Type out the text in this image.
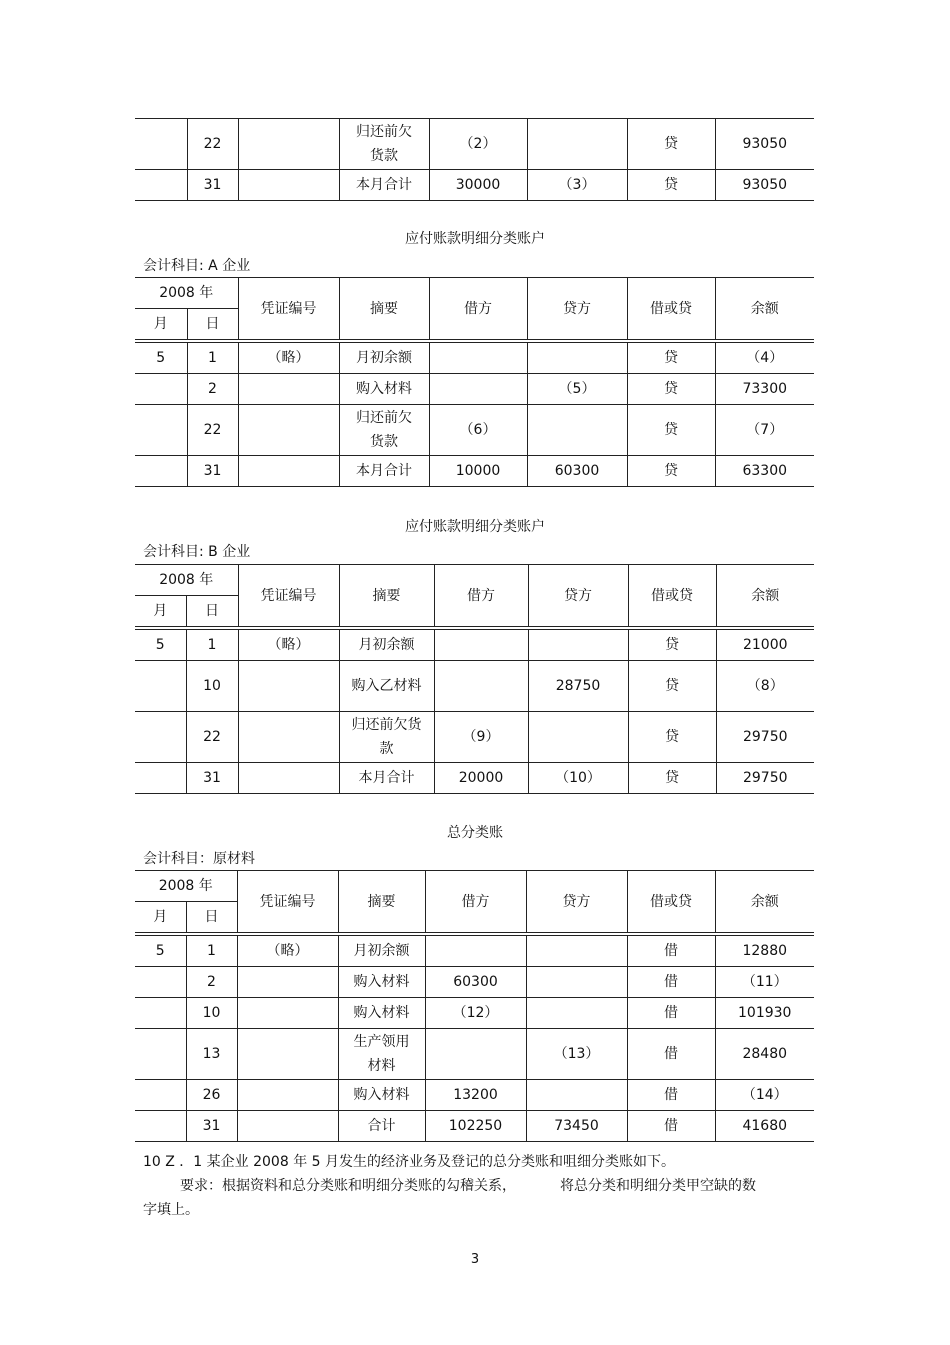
	22		归还前欠货款	（2）		贷	93050
	31		本月合计	30000	（3）	贷	93050
应付账款明细分类账户
会计科目: A 企业
2008 年		凭证编号	摘要	借方	贷方	借或贷	余额
月	日						

5	1	（略）	月初余额			贷	（4）
	2		购入材料		（5）	贷	73300
	22		归还前欠货款	（6）		贷	（7）
	31		本月合计	10000	60300	贷	63300
应付账款明细分类账户
会计科目: B 企业
2008 年		凭证编号	摘要	借方	贷方	借或贷	余额
月	日						

5	1	（略）	月初余额			贷	21000
	10		购入乙材料		28750	贷	（8）
	22		归还前欠货款	（9）		贷	29750
	31		本月合计	20000	（10）	贷	29750
总分类账
会计科目：原材料
2008 年		凭证编号	摘要	借方	贷方	借或贷	余额
月	日						

5	1	（略）	月初余额			借	12880
	2		购入材料	60300		借	（11）
	10		购入材料	（12）		借	101930
	13		生产领用材料		（13）	借	28480
	26		购入材料	13200		借	（14）
	31		合计	102250	73450	借	41680
10 Z ．1 某企业 2008 年 5 月发生的经济业务及登记的总分类账和咀细分类账如下。
要求：根据资料和总分类账和明细分类账的勾稽关系，	将总分类和明细分类甲空缺的数
字填上。
3
